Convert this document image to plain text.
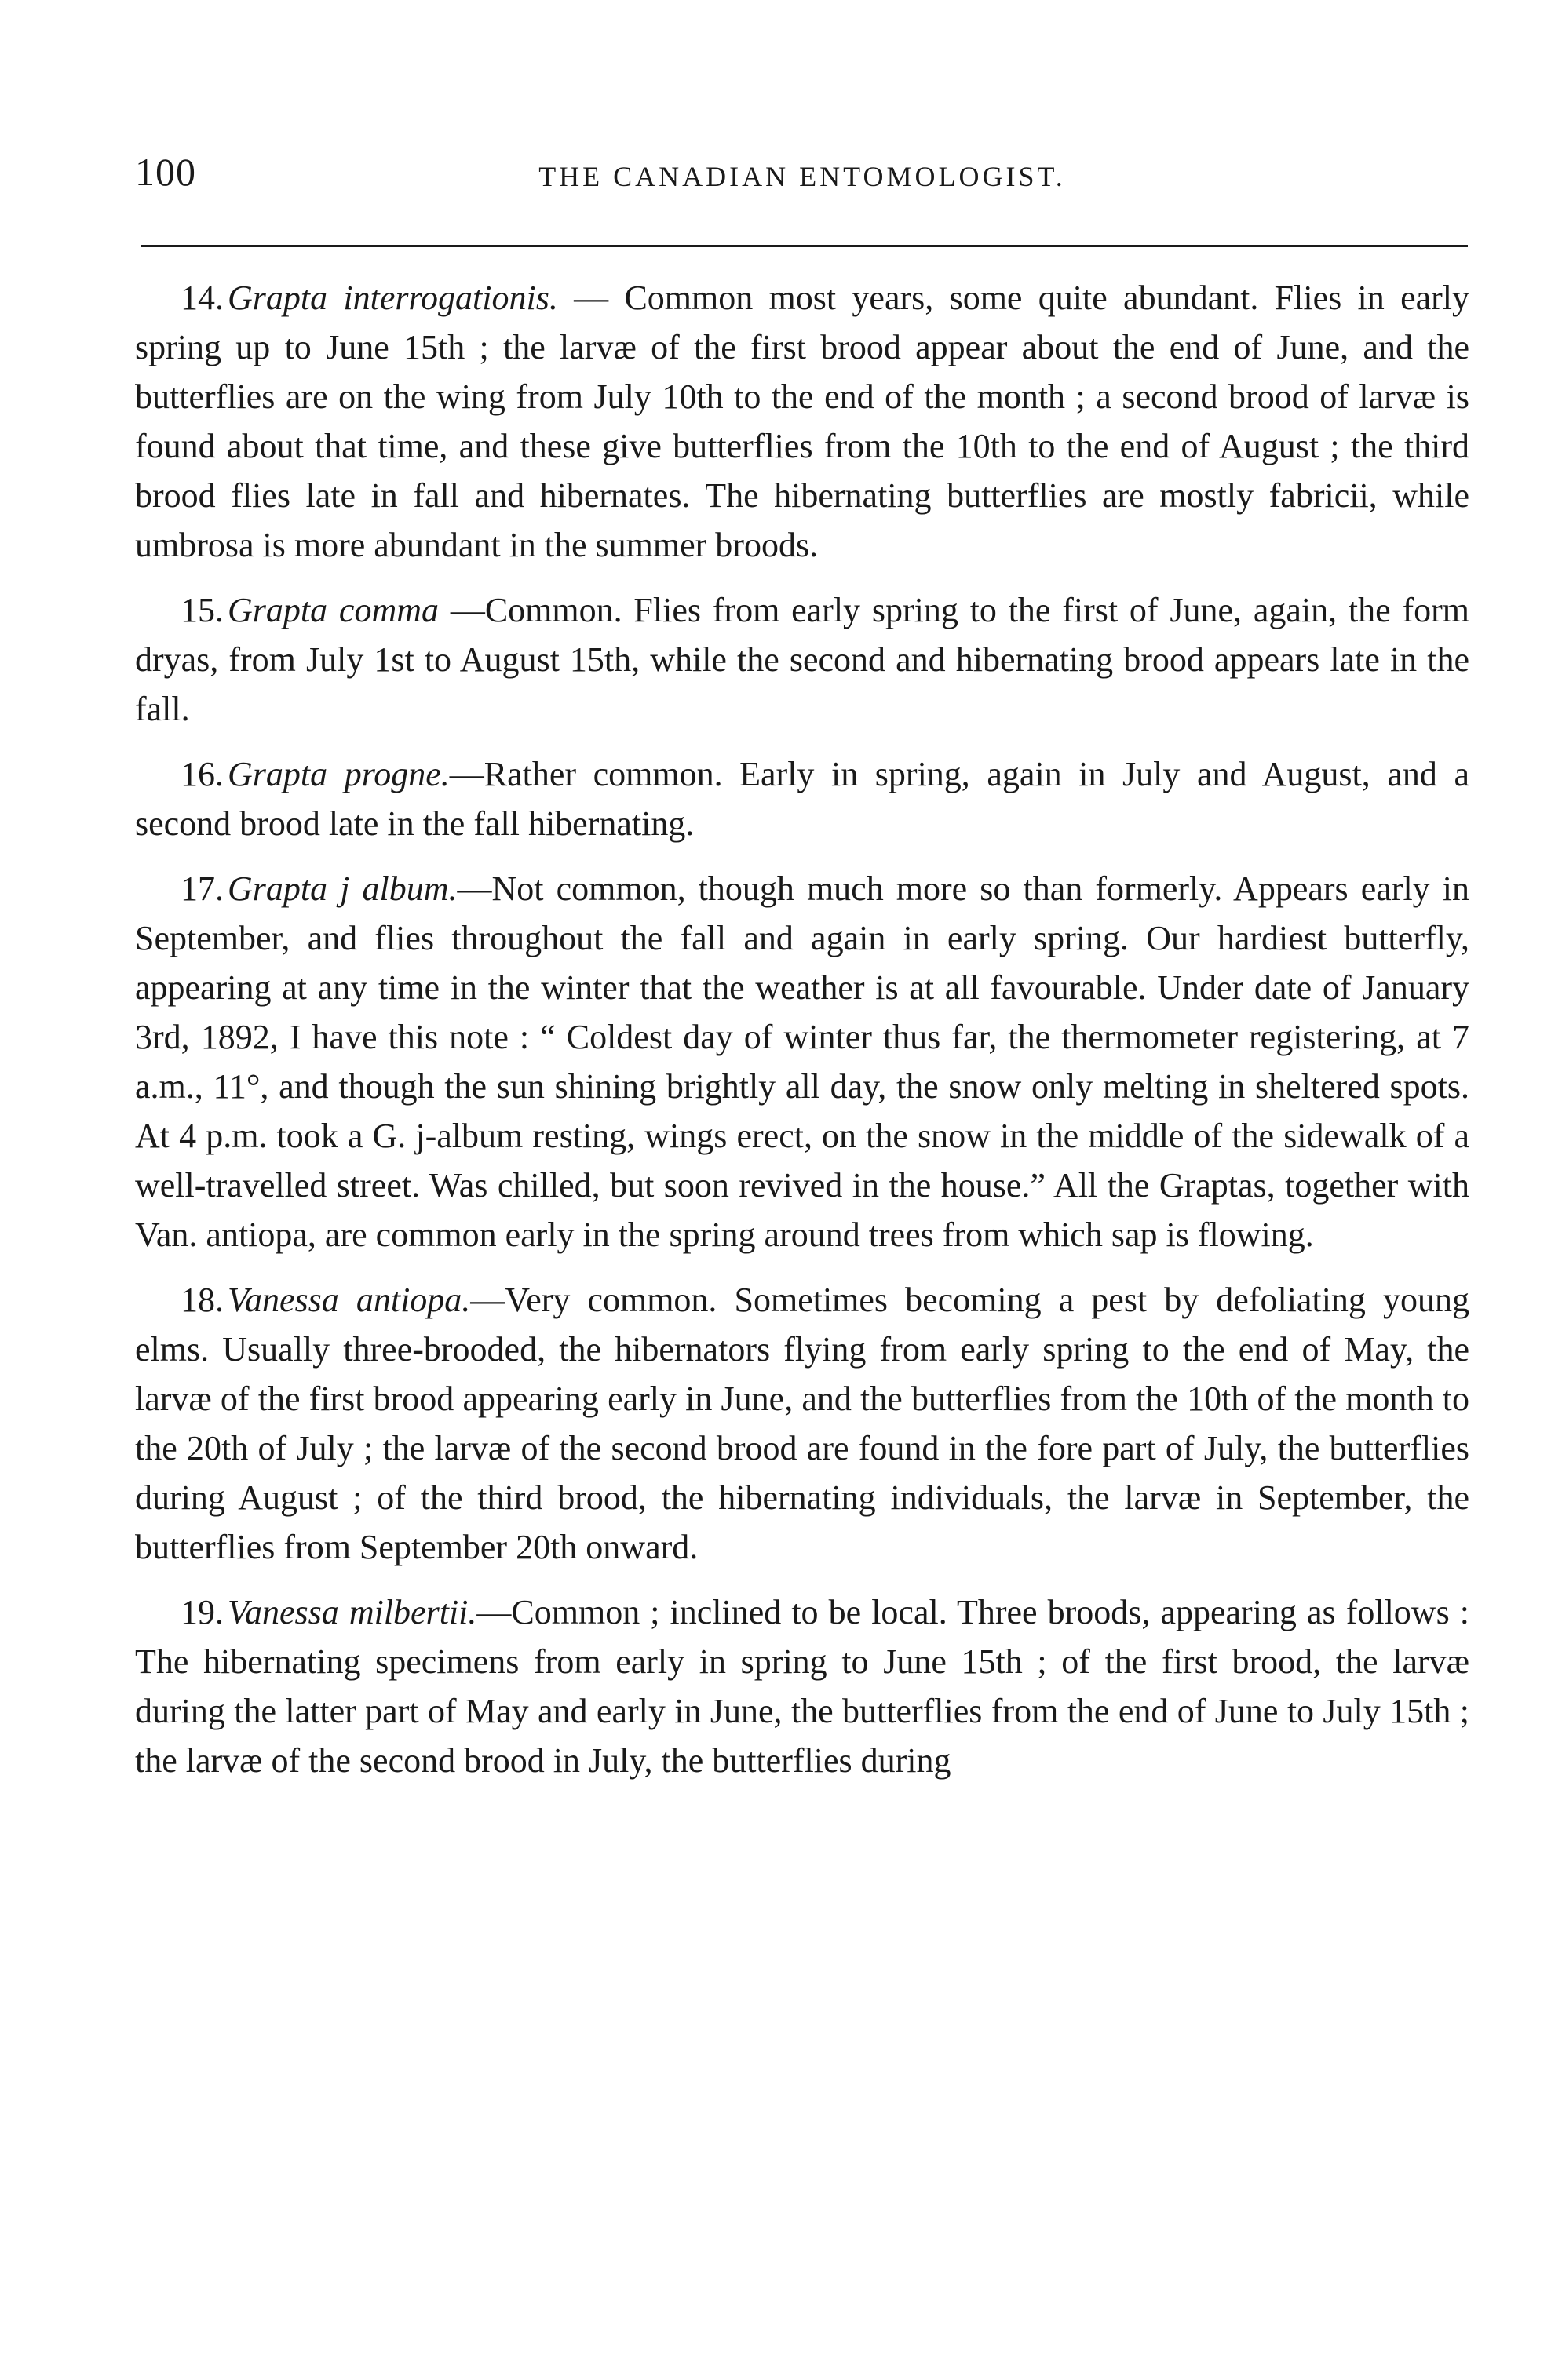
100	THE CANADIAN ENTOMOLOGIST.

14. Grapta interrogationis. — Common most years, some quite abundant. Flies in early spring up to June 15th ; the larvæ of the first brood appear about the end of June, and the butterflies are on the wing from July 10th to the end of the month ; a second brood of larvæ is found about that time, and these give butterflies from the 10th to the end of August ; the third brood flies late in fall and hibernates. The hibernating butterflies are mostly fabricii, while umbrosa is more abundant in the summer broods.

15. Grapta comma —Common. Flies from early spring to the first of June, again, the form dryas, from July 1st to August 15th, while the second and hibernating brood appears late in the fall.

16. Grapta progne.—Rather common. Early in spring, again in July and August, and a second brood late in the fall hibernating.

17. Grapta j album.—Not common, though much more so than formerly. Appears early in September, and flies throughout the fall and again in early spring. Our hardiest butterfly, appearing at any time in the winter that the weather is at all favourable. Under date of January 3rd, 1892, I have this note : “ Coldest day of winter thus far, the thermometer registering, at 7 a.m., 11°, and though the sun shining brightly all day, the snow only melting in sheltered spots. At 4 p.m. took a G. j-album resting, wings erect, on the snow in the middle of the sidewalk of a well-travelled street. Was chilled, but soon revived in the house.” All the Graptas, together with Van. antiopa, are common early in the spring around trees from which sap is flowing.

18. Vanessa antiopa.—Very common. Sometimes becoming a pest by defoliating young elms. Usually three-brooded, the hibernators flying from early spring to the end of May, the larvæ of the first brood appearing early in June, and the butterflies from the 10th of the month to the 20th of July ; the larvæ of the second brood are found in the fore part of July, the butterflies during August ; of the third brood, the hibernating individuals, the larvæ in September, the butterflies from September 20th onward.

19. Vanessa milbertii.—Common ; inclined to be local. Three broods, appearing as follows : The hibernating specimens from early in spring to June 15th ; of the first brood, the larvæ during the latter part of May and early in June, the butterflies from the end of June to July 15th ; the larvæ of the second brood in July, the butterflies during
